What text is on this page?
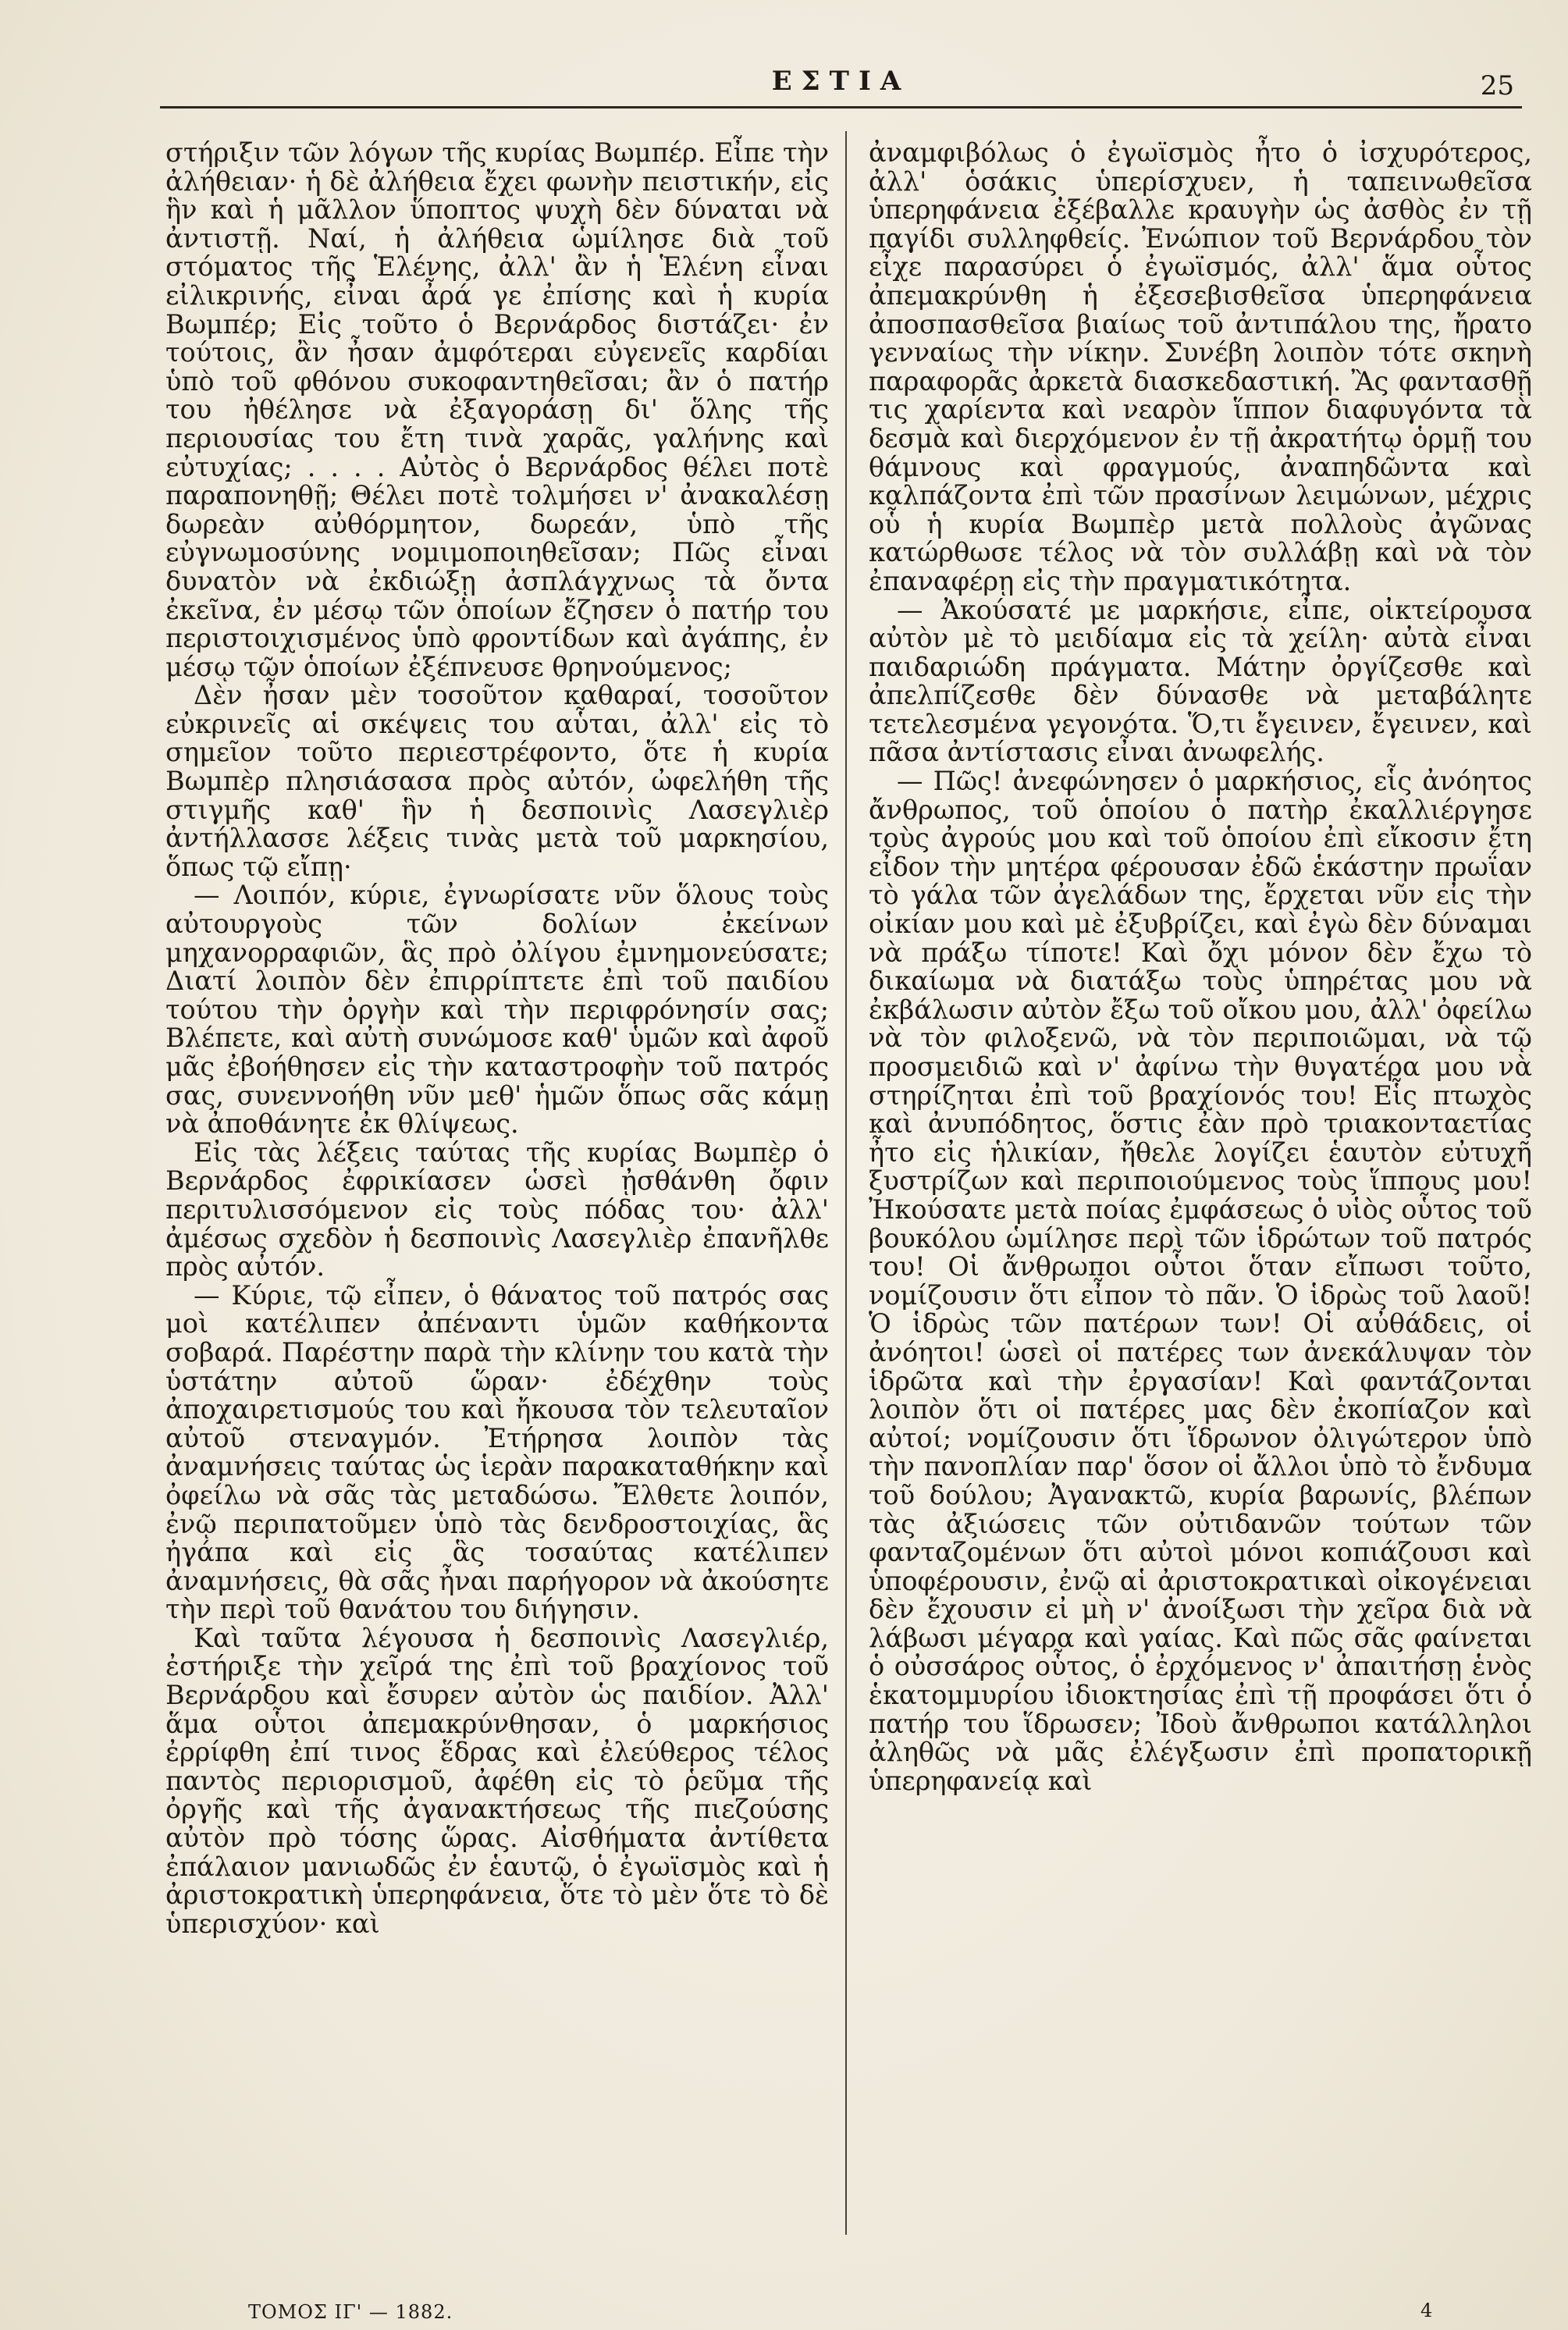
ΕΣΤΙΑ	25

στήριξιν τῶν λόγων τῆς κυρίας Βωμπέρ. Εἶπε τὴν ἀλήθειαν· ἡ δὲ ἀλήθεια ἔχει φωνὴν πειστικήν, εἰς ἣν καὶ ἡ μᾶλλον ὕποπτος ψυχὴ δὲν δύναται νὰ ἀντιστῇ. Ναί, ἡ ἀλήθεια ὡμίλησε διὰ τοῦ στόματος τῆς Ἑλένης, ἀλλ' ἂν ἡ Ἑλένη εἶναι εἰλικρινής, εἶναι ἆρά γε ἐπίσης καὶ ἡ κυρία Βωμπέρ; Εἰς τοῦτο ὁ Βερνάρδος διστάζει· ἐν τούτοις, ἂν ἦσαν ἀμφότεραι εὐγενεῖς καρδίαι ὑπὸ τοῦ φθόνου συκοφαντηθεῖσαι; ἂν ὁ πατήρ του ἠθέλησε νὰ ἐξαγοράσῃ δι' ὅλης τῆς περιουσίας του ἔτη τινὰ χαρᾶς, γαλήνης καὶ εὐτυχίας; . . . . Αὐτὸς ὁ Βερνάρδος θέλει ποτὲ παραπονηθῇ; Θέλει ποτὲ τολμήσει ν' ἀνακαλέσῃ δωρεὰν αὐθόρμητον, δωρεάν, ὑπὸ τῆς εὐγνωμοσύνης νομιμοποιηθεῖσαν; Πῶς εἶναι δυνατὸν νὰ ἐκδιώξῃ ἀσπλάγχνως τὰ ὄντα ἐκεῖνα, ἐν μέσῳ τῶν ὁποίων ἔζησεν ὁ πατήρ του περιστοιχισμένος ὑπὸ φροντίδων καὶ ἀγάπης, ἐν μέσῳ τῶν ὁποίων ἐξέπνευσε θρηνούμενος;

Δὲν ἦσαν μὲν τοσοῦτον καθαραί, τοσοῦτον εὐκρινεῖς αἱ σκέψεις του αὗται, ἀλλ' εἰς τὸ σημεῖον τοῦτο περιεστρέφοντο, ὅτε ἡ κυρία Βωμπὲρ πλησιάσασα πρὸς αὐτόν, ὠφελήθη τῆς στιγμῆς καθ' ἣν ἡ δεσποινὶς Λασεγλιὲρ ἀντήλλασσε λέξεις τινὰς μετὰ τοῦ μαρκησίου, ὅπως τῷ εἴπῃ·

— Λοιπόν, κύριε, ἐγνωρίσατε νῦν ὅλους τοὺς αὐτουργοὺς τῶν δολίων ἐκείνων μηχανορραφιῶν, ἃς πρὸ ὀλίγου ἐμνημονεύσατε; Διατί λοιπὸν δὲν ἐπιρρίπτετε ἐπὶ τοῦ παιδίου τούτου τὴν ὀργὴν καὶ τὴν περιφρόνησίν σας; Βλέπετε, καὶ αὐτὴ συνώμοσε καθ' ὑμῶν καὶ ἀφοῦ μᾶς ἐβοήθησεν εἰς τὴν καταστροφὴν τοῦ πατρός σας, συνεννοήθη νῦν μεθ' ἡμῶν ὅπως σᾶς κάμῃ νὰ ἀποθάνητε ἐκ θλίψεως.

Εἰς τὰς λέξεις ταύτας τῆς κυρίας Βωμπὲρ ὁ Βερνάρδος ἐφρικίασεν ὡσεὶ ᾐσθάνθη ὄφιν περιτυλισσόμενον εἰς τοὺς πόδας του· ἀλλ' ἀμέσως σχεδὸν ἡ δεσποινὶς Λασεγλιὲρ ἐπανῆλθε πρὸς αὐτόν.

— Κύριε, τῷ εἶπεν, ὁ θάνατος τοῦ πατρός σας μοὶ κατέλιπεν ἀπέναντι ὑμῶν καθήκοντα σοβαρά. Παρέστην παρὰ τὴν κλίνην του κατὰ τὴν ὑστάτην αὐτοῦ ὥραν· ἐδέχθην τοὺς ἀποχαιρετισμούς του καὶ ἤκουσα τὸν τελευταῖον αὐτοῦ στεναγμόν. Ἐτήρησα λοιπὸν τὰς ἀναμνήσεις ταύτας ὡς ἱερὰν παρακαταθήκην καὶ ὀφείλω νὰ σᾶς τὰς μεταδώσω. Ἔλθετε λοιπόν, ἐνῷ περιπατοῦμεν ὑπὸ τὰς δενδροστοιχίας, ἃς ἠγάπα καὶ εἰς ἃς τοσαύτας κατέλιπεν ἀναμνήσεις, θὰ σᾶς ἦναι παρήγορον νὰ ἀκούσητε τὴν περὶ τοῦ θανάτου του διήγησιν.

Καὶ ταῦτα λέγουσα ἡ δεσποινὶς Λασεγλιέρ, ἐστήριξε τὴν χεῖρά της ἐπὶ τοῦ βραχίονος τοῦ Βερνάρδου καὶ ἔσυρεν αὐτὸν ὡς παιδίον. Ἀλλ' ἅμα οὗτοι ἀπεμακρύνθησαν, ὁ μαρκήσιος ἐρρίφθη ἐπί τινος ἕδρας καὶ ἐλεύθερος τέλος παντὸς περιορισμοῦ, ἀφέθη εἰς τὸ ῥεῦμα τῆς ὀργῆς καὶ τῆς ἀγανακτήσεως τῆς πιεζούσης αὐτὸν πρὸ τόσης ὥρας. Αἰσθήματα ἀντίθετα ἐπάλαιον μανιωδῶς ἐν ἑαυτῷ, ὁ ἐγωϊσμὸς καὶ ἡ ἀριστοκρατικὴ ὑπερηφάνεια, ὅτε τὸ μὲν ὅτε τὸ δὲ ὑπερισχύον· καὶ

ἀναμφιβόλως ὁ ἐγωϊσμὸς ἦτο ὁ ἰσχυρότερος, ἀλλ' ὁσάκις ὑπερίσχυεν, ἡ ταπεινωθεῖσα ὑπερηφάνεια ἐξέβαλλε κραυγὴν ὡς ἀσθὸς ἐν τῇ παγίδι συλληφθείς. Ἐνώπιον τοῦ Βερνάρδου τὸν εἶχε παρασύρει ὁ ἐγωϊσμός, ἀλλ' ἅμα οὗτος ἀπεμακρύνθη ἡ ἐξεσεβισθεῖσα ὑπερηφάνεια ἀποσπασθεῖσα βιαίως τοῦ ἀντιπάλου της, ἤρατο γενναίως τὴν νίκην. Συνέβη λοιπὸν τότε σκηνὴ παραφορᾶς ἀρκετὰ διασκεδαστική. Ἂς φαντασθῇ τις χαρίεντα καὶ νεαρὸν ἵππον διαφυγόντα τὰ δεσμὰ καὶ διερχόμενον ἐν τῇ ἀκρατήτῳ ὁρμῇ του θάμνους καὶ φραγμούς, ἀναπηδῶντα καὶ καλπάζοντα ἐπὶ τῶν πρασίνων λειμώνων, μέχρις οὗ ἡ κυρία Βωμπὲρ μετὰ πολλοὺς ἀγῶνας κατώρθωσε τέλος νὰ τὸν συλλάβῃ καὶ νὰ τὸν ἐπαναφέρῃ εἰς τὴν πραγματικότητα.

— Ἀκούσατέ με μαρκήσιε, εἶπε, οἰκτείρουσα αὐτὸν μὲ τὸ μειδίαμα εἰς τὰ χείλη· αὐτὰ εἶναι παιδαριώδη πράγματα. Μάτην ὀργίζεσθε καὶ ἀπελπίζεσθε δὲν δύνασθε νὰ μεταβάλητε τετελεσμένα γεγονότα. Ὅ,τι ἔγεινεν, ἔγεινεν, καὶ πᾶσα ἀντίστασις εἶναι ἀνωφελής.

— Πῶς! ἀνεφώνησεν ὁ μαρκήσιος, εἷς ἀνόητος ἄνθρωπος, τοῦ ὁποίου ὁ πατὴρ ἐκαλλιέργησε τοὺς ἀγρούς μου καὶ τοῦ ὁποίου ἐπὶ εἴκοσιν ἔτη εἶδον τὴν μητέρα φέρουσαν ἐδῶ ἑκάστην πρωΐαν τὸ γάλα τῶν ἀγελάδων της, ἔρχεται νῦν εἰς τὴν οἰκίαν μου καὶ μὲ ἐξυβρίζει, καὶ ἐγὼ δὲν δύναμαι νὰ πράξω τίποτε! Καὶ ὄχι μόνον δὲν ἔχω τὸ δικαίωμα νὰ διατάξω τοὺς ὑπηρέτας μου νὰ ἐκβάλωσιν αὐτὸν ἔξω τοῦ οἴκου μου, ἀλλ' ὀφείλω νὰ τὸν φιλοξενῶ, νὰ τὸν περιποιῶμαι, νὰ τῷ προσμειδιῶ καὶ ν' ἀφίνω τὴν θυγατέρα μου νὰ στηρίζηται ἐπὶ τοῦ βραχίονός του! Εἷς πτωχὸς καὶ ἀνυπόδητος, ὅστις ἐὰν πρὸ τριακονταετίας ἦτο εἰς ἡλικίαν, ἤθελε λογίζει ἑαυτὸν εὐτυχῆ ξυστρίζων καὶ περιποιούμενος τοὺς ἵππους μου! Ἠκούσατε μετὰ ποίας ἐμφάσεως ὁ υἱὸς οὗτος τοῦ βουκόλου ὡμίλησε περὶ τῶν ἱδρώτων τοῦ πατρός του! Οἱ ἄνθρωποι οὗτοι ὅταν εἴπωσι τοῦτο, νομίζουσιν ὅτι εἶπον τὸ πᾶν. Ὁ ἱδρὼς τοῦ λαοῦ! Ὁ ἱδρὼς τῶν πατέρων των! Οἱ αὐθάδεις, οἱ ἀνόητοι! ὡσεὶ οἱ πατέρες των ἀνεκάλυψαν τὸν ἱδρῶτα καὶ τὴν ἐργασίαν! Καὶ φαντάζονται λοιπὸν ὅτι οἱ πατέρες μας δὲν ἐκοπίαζον καὶ αὐτοί; νομίζουσιν ὅτι ἵδρωνον ὀλιγώτερον ὑπὸ τὴν πανοπλίαν παρ' ὅσον οἱ ἄλλοι ὑπὸ τὸ ἔνδυμα τοῦ δούλου; Ἀγανακτῶ, κυρία βαρωνίς, βλέπων τὰς ἀξιώσεις τῶν οὐτιδανῶν τούτων τῶν φανταζομένων ὅτι αὐτοὶ μόνοι κοπιάζουσι καὶ ὑποφέρουσιν, ἐνῷ αἱ ἀριστοκρατικαὶ οἰκογένειαι δὲν ἔχουσιν εἰ μὴ ν' ἀνοίξωσι τὴν χεῖρα διὰ νὰ λάβωσι μέγαρα καὶ γαίας. Καὶ πῶς σᾶς φαίνεται ὁ οὐσσάρος οὗτος, ὁ ἐρχόμενος ν' ἀπαιτήσῃ ἑνὸς ἑκατομμυρίου ἰδιοκτησίας ἐπὶ τῇ προφάσει ὅτι ὁ πατήρ του ἵδρωσεν; Ἰδοὺ ἄνθρωποι κατάλληλοι ἀληθῶς νὰ μᾶς ἐλέγξωσιν ἐπὶ προπατορικῇ ὑπερηφανείᾳ καὶ

ΤΟΜΟΣ ΙΓ' — 1882.	4
